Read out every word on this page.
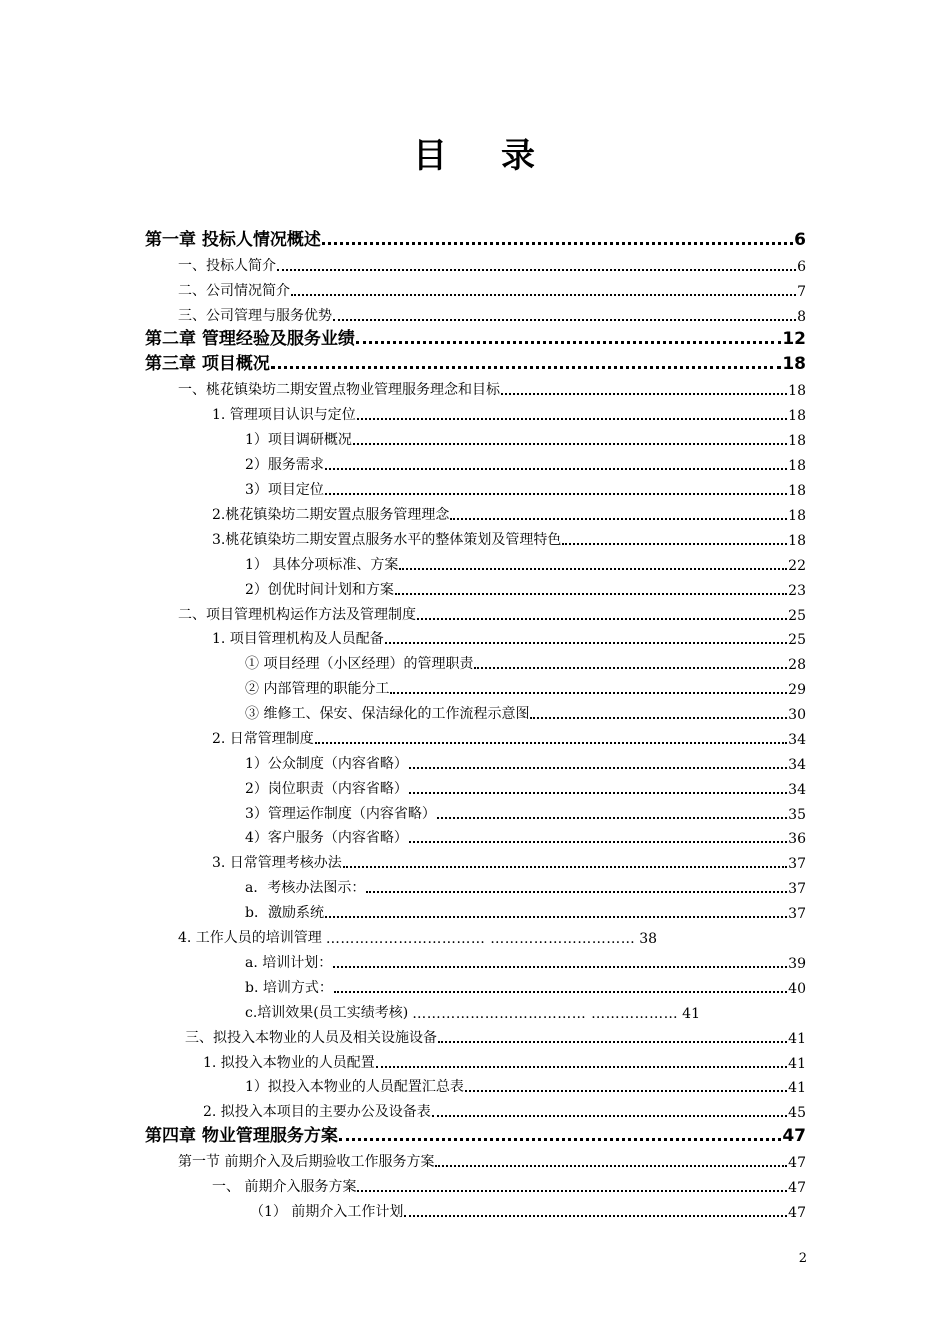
目 录
第一章 投标人情况概述	6
一、投标人简介	6
二、公司情况简介	7
三、公司管理与服务优势	8
第二章 管理经验及服务业绩	12
第三章 项目概况	18
一、桃花镇染坊二期安置点物业管理服务理念和目标	18
1. 管理项目认识与定位	18
1）项目调研概况	18
2）服务需求	18
3）项目定位	18
2.桃花镇染坊二期安置点服务管理理念	18
3.桃花镇染坊二期安置点服务水平的整体策划及管理特色	18
1） 具体分项标准、方案	22
2）创优时间计划和方案	23
二、项目管理机构运作方法及管理制度	25
1. 项目管理机构及人员配备	25
① 项目经理（小区经理）的管理职责	28
② 内部管理的职能分工	29
③ 维修工、保安、保洁绿化的工作流程示意图	30
2. 日常管理制度	34
1）公众制度（内容省略）	34
2）岗位职责（内容省略）	34
3）管理运作制度（内容省略）	35
4）客户服务（内容省略）	36
3. 日常管理考核办法	37
a．考核办法图示：	37
b．激励系统	37
4. 工作人员的培训管理 …………………………… ………………………… 38
a. 培训计划：	39
b. 培训方式：	40
c.培训效果(员工实绩考核) ……………………………… ……………… 41
三、拟投入本物业的人员及相关设施设备	41
1. 拟投入本物业的人员配置	41
1）拟投入本物业的人员配置汇总表	41
2. 拟投入本项目的主要办公及设备表	45
第四章 物业管理服务方案	47
第一节 前期介入及后期验收工作服务方案	47
一、 前期介入服务方案	47
（1） 前期介入工作计划	47
2
